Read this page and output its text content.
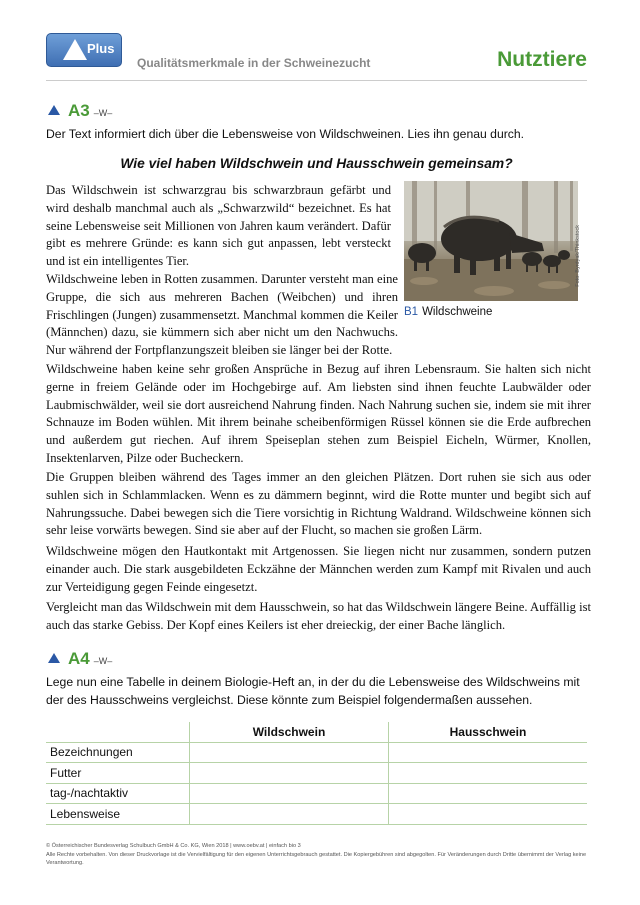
Plus
Qualitätsmerkmale in der Schweinezucht	Nutztiere
A3 –W–
Der Text informiert dich über die Lebensweise von Wildschweinen. Lies ihn genau durch.
Wie viel haben Wildschwein und Hausschwein gemeinsam?
Foto: Byrdyak/Thinkstock
B1 Wildschweine

Das Wildschwein ist schwarzgrau bis schwarzbraun gefärbt und wird deshalb manchmal auch als „Schwarzwild“ bezeichnet. Es hat seine Lebensweise seit Millionen von Jahren kaum verändert. Dafür gibt es mehrere Gründe: es kann sich gut anpassen, lebt versteckt und ist ein intelligentes Tier.

Wildschweine leben in Rotten zusammen. Darunter versteht man eine Gruppe, die sich aus mehreren Bachen (Weibchen) und ihren Frischlingen (Jungen) zusammensetzt. Manchmal kommen die Keiler (Männchen) dazu, sie kümmern sich aber nicht um den Nachwuchs. Nur während der Fortpflanzungszeit bleiben sie länger bei der Rotte.

Wildschweine haben keine sehr großen Ansprüche in Bezug auf ihren Lebensraum. Sie halten sich nicht gerne in freiem Gelände oder im Hochgebirge auf. Am liebsten sind ihnen feuchte Laubwälder oder Laubmischwälder, weil sie dort ausreichend Nahrung finden. Nach Nahrung suchen sie, indem sie mit ihrer Schnauze im Boden wühlen. Mit ihrem beinahe scheibenförmigen Rüssel können sie die Erde aufbrechen und außerdem gut riechen. Auf ihrem Speiseplan stehen zum Beispiel Eicheln, Würmer, Knollen, Insektenlarven, Pilze oder Bucheckern.

Die Gruppen bleiben während des Tages immer an den gleichen Plätzen. Dort ruhen sie sich aus oder suhlen sich in Schlammlacken. Wenn es zu dämmern beginnt, wird die Rotte munter und begibt sich auf Nahrungssuche. Dabei bewegen sich die Tiere vorsichtig in Richtung Waldrand. Wildschweine können sich sehr leise vorwärts bewegen. Sind sie aber auf der Flucht, so machen sie großen Lärm.

Wildschweine mögen den Hautkontakt mit Artgenossen. Sie liegen nicht nur zusammen, sondern putzen einander auch. Die stark ausgebildeten Eckzähne der Männchen werden zum Kampf mit Rivalen und auch zur Verteidigung gegen Feinde eingesetzt.

Vergleicht man das Wildschwein mit dem Hausschwein, so hat das Wildschwein längere Beine. Auffällig ist auch das starke Gebiss. Der Kopf eines Keilers ist eher dreieckig, der einer Bache länglich.

A4 –W–
Lege nun eine Tabelle in deinem Biologie-Heft an, in der du die Lebensweise des Wildschweins mit der des Hausschweins vergleichst. Diese könnte zum Beispiel folgendermaßen aussehen.
	Wildschwein	Hausschwein
Bezeichnungen		
Futter		
tag-/nachtaktiv		
Lebensweise		
© Österreichischer Bundesverlag Schulbuch GmbH & Co. KG, Wien 2018 | www.oebv.at | einfach bio 3
Alle Rechte vorbehalten. Von dieser Druckvorlage ist die Vervielfältigung für den eigenen Unterrichtsgebrauch gestattet. Die Kopiergebühren sind abgegolten. Für Veränderungen durch Dritte übernimmt der Verlag keine Verantwortung.
